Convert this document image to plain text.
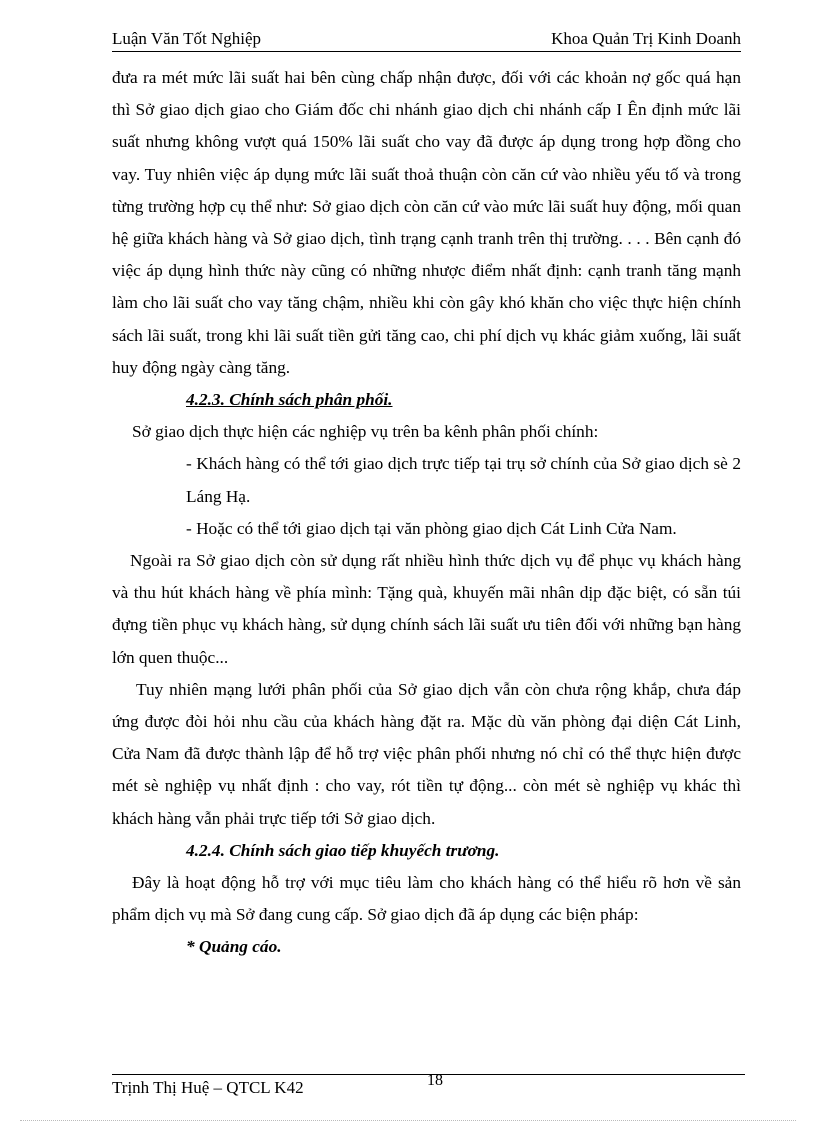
Luận Văn Tốt Nghiệp	Khoa Quản Trị Kinh Doanh

đưa ra mét mức lãi suất hai bên cùng chấp nhận được, đối với các khoản nợ gốc quá hạn thì Sở giao dịch giao cho Giám đốc chi nhánh giao dịch chi nhánh cấp I Ên định mức lãi suất nhưng không vượt quá 150% lãi suất cho vay đã được áp dụng trong hợp đồng cho vay. Tuy nhiên việc áp dụng mức lãi suất thoả thuận còn căn cứ vào nhiều yếu tố và trong từng trường hợp cụ thể như: Sở giao dịch còn căn cứ vào mức lãi suất huy động, mối quan hệ giữa khách hàng và Sở giao dịch, tình trạng cạnh tranh trên thị trường. . . . Bên cạnh đó việc áp dụng hình thức này cũng có những nhược điểm nhất định: cạnh tranh tăng mạnh làm cho lãi suất cho vay tăng chậm, nhiều khi còn gây khó khăn cho việc thực hiện chính sách lãi suất, trong khi lãi suất tiền gửi tăng cao, chi phí dịch vụ khác giảm xuống, lãi suất huy động ngày càng tăng.

4.2.3. Chính sách phân phối.

Sở giao dịch thực hiện các nghiệp vụ trên ba kênh phân phối chính:

- Khách hàng có thể tới giao dịch trực tiếp tại trụ sở chính của Sở giao dịch sè 2 Láng Hạ.

- Hoặc có thể tới giao dịch tại văn phòng giao dịch Cát Linh Cửa Nam.

Ngoài ra Sở giao dịch còn sử dụng rất nhiều hình thức dịch vụ để phục vụ khách hàng và thu hút khách hàng về phía mình: Tặng quà, khuyến mãi nhân dịp đặc biệt, có sẵn túi đựng tiền phục vụ khách hàng, sử dụng chính sách lãi suất ưu tiên đối với những bạn hàng lớn quen thuộc...

Tuy nhiên mạng lưới phân phối của Sở giao dịch vẫn còn chưa rộng khắp, chưa đáp ứng được đòi hỏi nhu cầu của khách hàng đặt ra. Mặc dù văn phòng đại diện Cát Linh, Cửa Nam đã được thành lập để hỗ trợ việc phân phối nhưng nó chỉ có thể thực hiện được mét sè nghiệp vụ nhất định : cho vay, rót tiền tự động... còn mét sè nghiệp vụ khác thì khách hàng vẫn phải trực tiếp tới Sở giao dịch.

4.2.4. Chính sách giao tiếp khuyếch trương.

Đây là hoạt động hỗ trợ với mục tiêu làm cho khách hàng có thể hiểu rõ hơn về sản phẩm dịch vụ mà Sở đang cung cấp. Sở giao dịch đã áp dụng các biện pháp:

* Quảng cáo.

Trịnh Thị Huệ – QTCL K42	18
